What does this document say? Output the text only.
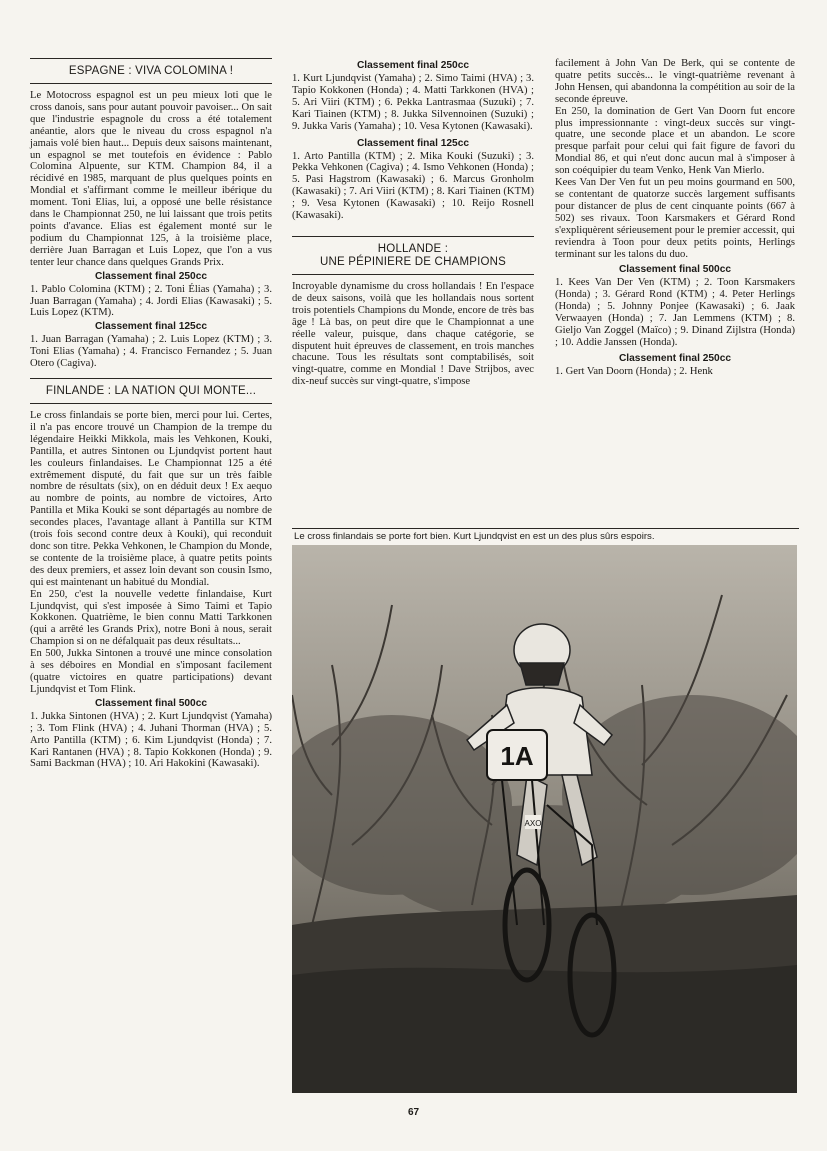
ESPAGNE : VIVA COLOMINA !

Le Motocross espagnol est un peu mieux loti que le cross danois, sans pour autant pouvoir pavoiser... On sait que l'industrie espagnole du cross a été totalement anéantie, alors que le niveau du cross espagnol n'a jamais volé bien haut... Depuis deux saisons maintenant, un espagnol se met toutefois en évidence : Pablo Colomina Alpuente, sur KTM. Champion 84, il a récidivé en 1985, marquant de plus quelques points en Mondial et s'affirmant comme le meilleur ibérique du moment. Toni Elias, lui, a opposé une belle résistance dans le Championnat 250, ne lui laissant que trois petits points d'avance. Elias est également monté sur le podium du Championnat 125, à la troisième place, derrière Juan Barragan et Luis Lopez, que l'on a vus tenter leur chance dans quelques Grands Prix.

Classement final 250cc

1. Pablo Colomina (KTM) ; 2. Toni Élias (Yamaha) ; 3. Juan Barragan (Yamaha) ; 4. Jordi Elias (Kawasaki) ; 5. Luis Lopez (KTM).

Classement final 125cc

1. Juan Barragan (Yamaha) ; 2. Luis Lopez (KTM) ; 3. Toni Elias (Yamaha) ; 4. Francisco Fernandez ; 5. Juan Otero (Cagiva).

FINLANDE : LA NATION QUI MONTE...

Le cross finlandais se porte bien, merci pour lui. Certes, il n'a pas encore trouvé un Champion de la trempe du légendaire Heikki Mikkola, mais les Vehkonen, Kouki, Pantilla, et autres Sintonen ou Ljundqvist portent haut les couleurs finlandaises. Le Championnat 125 a été extrêmement disputé, du fait que sur un très faible nombre de résultats (six), on en déduit deux ! Ex aequo au nombre de points, au nombre de victoires, Arto Pantilla et Mika Kouki se sont départagés au nombre de secondes places, l'avantage allant à Pantilla sur KTM (trois fois second contre deux à Kouki), qui reconduit donc son titre. Pekka Vehkonen, le Champion du Monde, se contente de la troisième place, à quatre petits points des deux premiers, et assez loin devant son cousin Ismo, qui est maintenant un habitué du Mondial.

En 250, c'est la nouvelle vedette finlandaise, Kurt Ljundqvist, qui s'est imposée à Simo Taimi et Tapio Kokkonen. Quatrième, le bien connu Matti Tarkkonen (qui a arrêté les Grands Prix), notre Boni à nous, serait Champion si on ne défalquait pas deux résultats...

En 500, Jukka Sintonen a trouvé une mince consolation à ses déboires en Mondial en s'imposant facilement (quatre victoires en quatre participations) devant Ljundqvist et Tom Flink.

Classement final 500cc

1. Jukka Sintonen (HVA) ; 2. Kurt Ljundqvist (Yamaha) ; 3. Tom Flink (HVA) ; 4. Juhani Thorman (HVA) ; 5. Arto Pantilla (KTM) ; 6. Kim Ljundqvist (Honda) ; 7. Kari Rantanen (HVA) ; 8. Tapio Kokkonen (Honda) ; 9. Sami Backman (HVA) ; 10. Ari Hakokini (Kawasaki).

Classement final 250cc

1. Kurt Ljundqvist (Yamaha) ; 2. Simo Taimi (HVA) ; 3. Tapio Kokkonen (Honda) ; 4. Matti Tarkkonen (HVA) ; 5. Ari Viiri (KTM) ; 6. Pekka Lantrasmaa (Suzuki) ; 7. Kari Tiainen (KTM) ; 8. Jukka Silvennoinen (Suzuki) ; 9. Jukka Varis (Yamaha) ; 10. Vesa Kytonen (Kawasaki).

Classement final 125cc

1. Arto Pantilla (KTM) ; 2. Mika Kouki (Suzuki) ; 3. Pekka Vehkonen (Cagiva) ; 4. Ismo Vehkonen (Honda) ; 5. Pasi Hagstrom (Kawasaki) ; 6. Marcus Gronholm (Kawasaki) ; 7. Ari Viiri (KTM) ; 8. Kari Tiainen (KTM) ; 9. Vesa Kytonen (Kawasaki) ; 10. Reijo Rosnell (Kawasaki).

HOLLANDE :
UNE PÉPINIERE DE CHAMPIONS

Incroyable dynamisme du cross hollandais ! En l'espace de deux saisons, voilà que les hollandais nous sortent trois potentiels Champions du Monde, encore de très bas âge ! Là bas, on peut dire que le Championnat a une réelle valeur, puisque, dans chaque catégorie, se disputent huit épreuves de classement, en trois manches chacune. Tous les résultats sont comptabilisés, soit vingt-quatre, comme en Mondial ! Dave Strijbos, avec dix-neuf succès sur vingt-quatre, s'impose

facilement à John Van De Berk, qui se contente de quatre petits succès... le vingt-quatrième revenant à John Hensen, qui abandonna la compétition au soir de la seconde épreuve.

En 250, la domination de Gert Van Doorn fut encore plus impressionnante : vingt-deux succès sur vingt-quatre, une seconde place et un abandon. Le score presque parfait pour celui qui fait figure de favori du Mondial 86, et qui n'eut donc aucun mal à s'imposer à son coéquipier du team Venko, Henk Van Mierlo.

Kees Van Der Ven fut un peu moins gourmand en 500, se contentant de quatorze succès largement suffisants pour distancer de plus de cent cinquante points (667 à 502) ses rivaux. Toon Karsmakers et Gérard Rond s'expliquèrent sérieusement pour le premier accessit, qui reviendra à Toon pour deux petits points, Herlings terminant sur les talons du duo.

Classement final 500cc

1. Kees Van Der Ven (KTM) ; 2. Toon Karsmakers (Honda) ; 3. Gérard Rond (KTM) ; 4. Peter Herlings (Honda) ; 5. Johnny Ponjee (Kawasaki) ; 6. Jaak Verwaayen (Honda) ; 7. Jan Lemmens (KTM) ; 8. Gieljo Van Zoggel (Maïco) ; 9. Dinand Zijlstra (Honda) ; 10. Addie Janssen (Honda).

Classement final 250cc

1. Gert Van Doorn (Honda) ; 2. Henk

Le cross finlandais se porte fort bien. Kurt Ljundqvist en est un des plus sûrs espoirs.
1A
AXO
67
